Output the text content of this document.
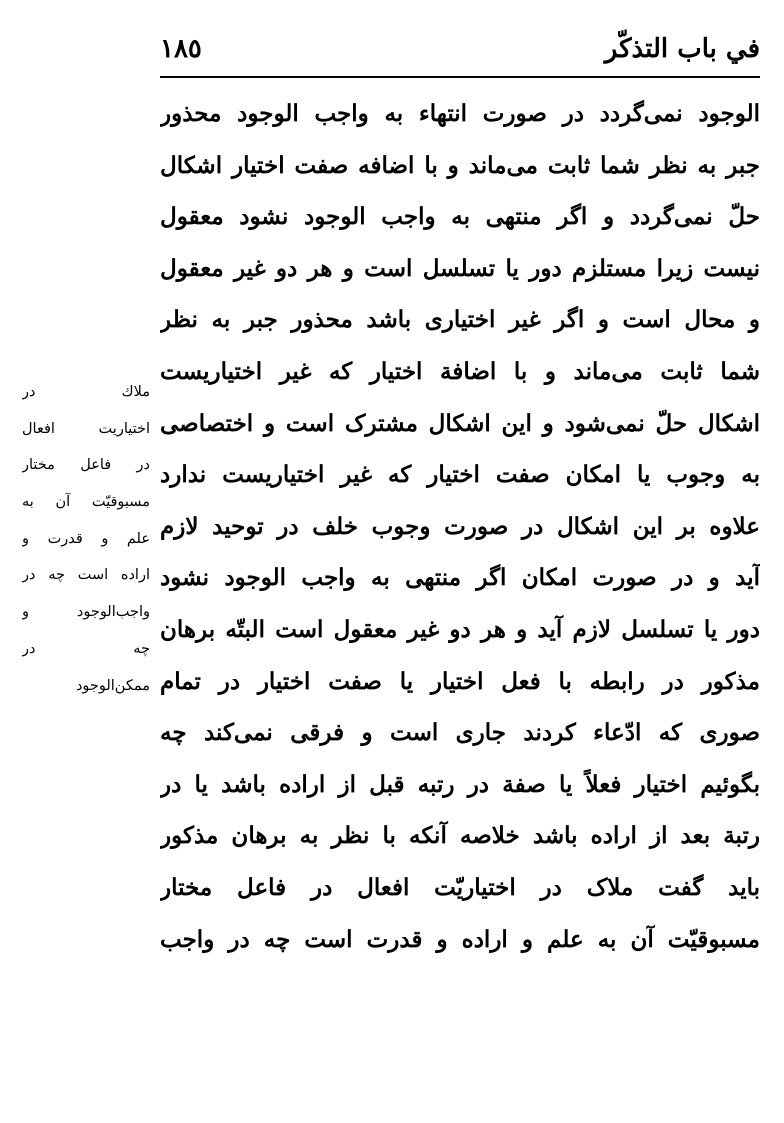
في باب التذكّر
١٨٥
الوجود نمی‌گردد در صورت انتهاء به واجب الوجود محذور
جبر به نظر شما ثابت می‌ماند و با اضافه صفت اختيار اشكال
حلّ نمی‌گردد و اگر منتهی به واجب الوجود نشود معقول
نيست زيرا مستلزم دور يا تسلسل است و هر دو غير معقول
و محال است و اگر غير اختياری باشد محذور جبر به نظر
شما ثابت می‌ماند و با اضافة اختيار كه غير اختياريست
اشكال حلّ نمی‌شود و اين اشكال مشترک است و اختصاصی
به وجوب يا امكان صفت اختيار كه غير اختياريست ندارد
علاوه بر اين اشكال در صورت وجوب خلف در توحيد لازم
آيد و در صورت امكان اگر منتهی به واجب الوجود نشود
دور يا تسلسل لازم آيد و هر دو غير معقول است البتّه برهان
مذكور در رابطه با فعل اختيار يا صفت اختيار در تمام
صوری كه ادّعاء كردند جاری است و فرقی نمی‌كند چه
بگوئيم اختيار فعلاً يا صفة در رتبه قبل از اراده باشد يا در
رتبة بعد از اراده باشد خلاصه آنكه با نظر به برهان مذكور
بايد گفت ملاک در اختياريّت افعال در فاعل مختار
مسبوقيّت آن به علم و اراده و قدرت است چه در واجب
ملاك در
اختياريت افعال
در فاعل مختار
مسبوقيّت آن به
علم و قدرت و
اراده است چه در
واجب‌الوجود و
چه در
ممكن‌الوجود
